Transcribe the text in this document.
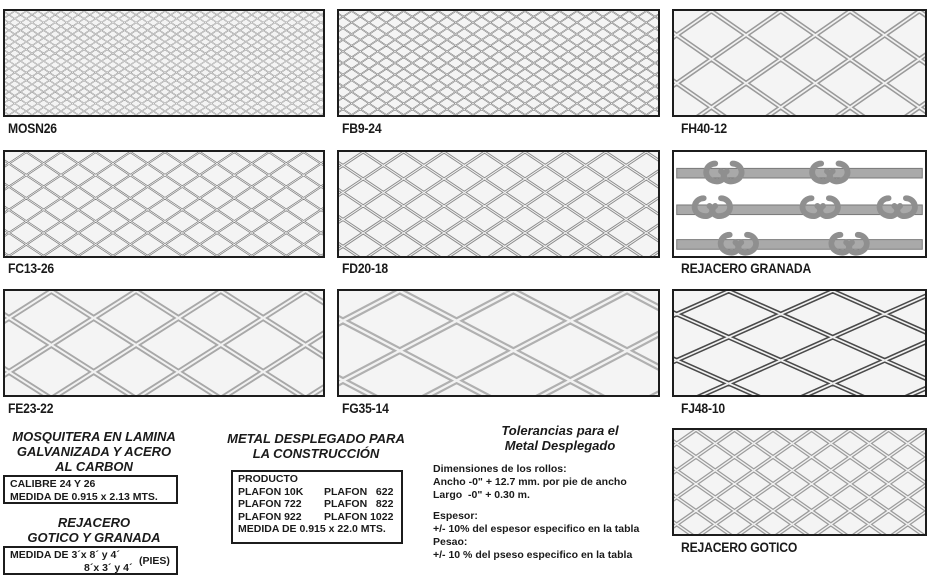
MOSN26	FB9-24	FH40-12
FC13-26	FD20-18	REJACERO GRANADA
FE23-22	FG35-14	FJ48-10
REJACERO GOTICO
MOSQUITERA EN LAMINA
GALVANIZADA Y ACERO
AL CARBON
CALIBRE 24 Y 26
MEDIDA DE 0.915 x 2.13 MTS.
REJACERO
GOTICO Y GRANADA
MEDIDA DE 3´x 8´ y 4´
8´x 3´ y 4´
(PIES)
METAL DESPLEGADO PARA
LA CONSTRUCCIÓN
PRODUCTO
PLAFON 10K PLAFON   622
PLAFON 722 PLAFON   822
PLAFON 922 PLAFON 1022
MEDIDA DE 0.915 x 22.0 MTS.
Tolerancias para el
Metal Desplegado
Dimensiones de los rollos:
Ancho -0" + 12.7 mm. por pie de ancho
Largo  -0" + 0.30 m.
Espesor:
+/- 10% del espesor especifico en la tabla
Pesao:
+/- 10 % del pseso especifico en la tabla
